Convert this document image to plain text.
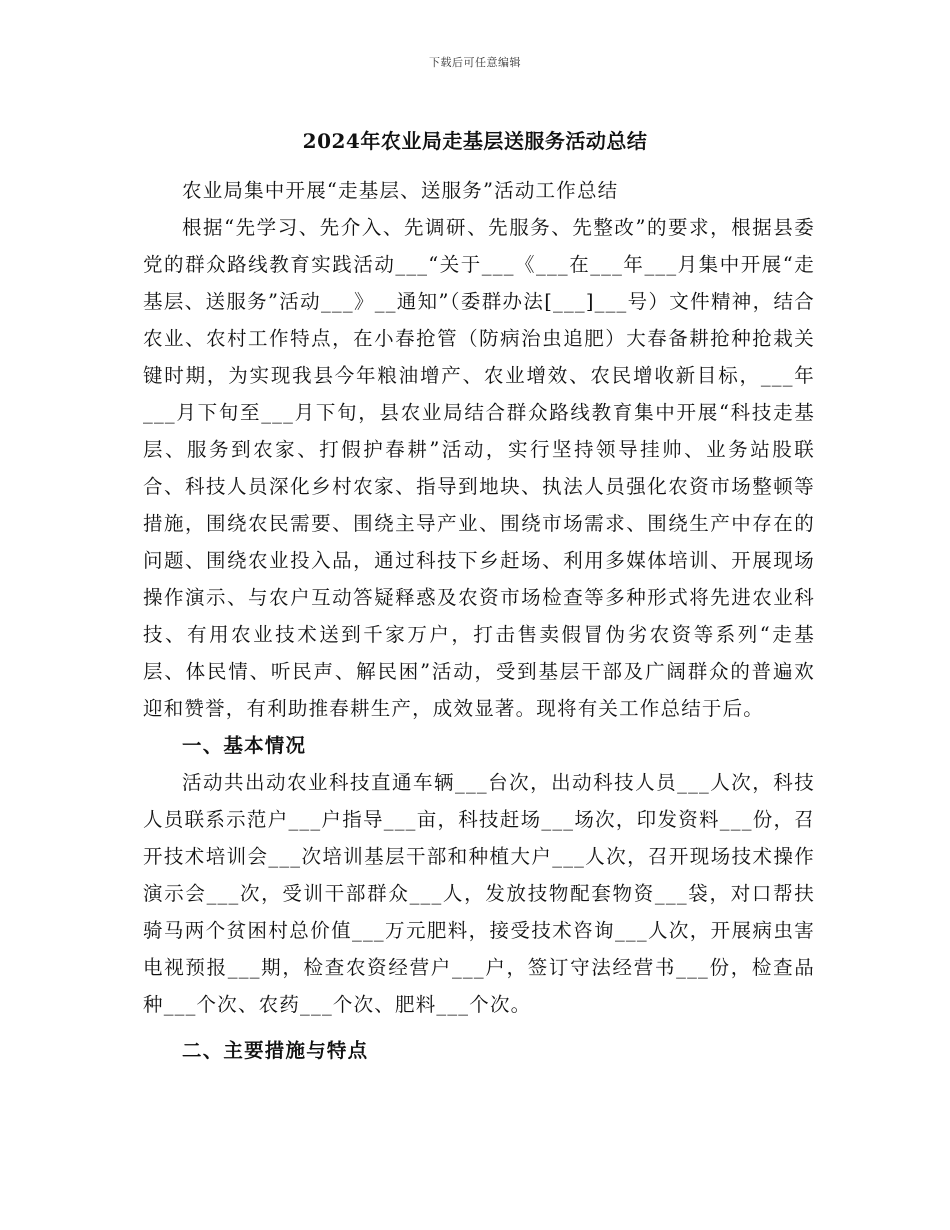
下载后可任意编辑
2024年农业局走基层送服务活动总结

农业局集中开展“走基层、送服务”活动工作总结

根据“先学习、先介入、先调研、先服务、先整改”的要求，根据县委党的群众路线教育实践活动___“关于___《___在___年___月集中开展“走基层、送服务”活动___》__通知”（委群办法[___]___号）文件精神，结合农业、农村工作特点，在小春抢管（防病治虫追肥）大春备耕抢种抢栽关键时期，为实现我县今年粮油增产、农业增效、农民增收新目标，___年___月下旬至___月下旬，县农业局结合群众路线教育集中开展“科技走基层、服务到农家、打假护春耕”活动，实行坚持领导挂帅、业务站股联合、科技人员深化乡村农家、指导到地块、执法人员强化农资市场整顿等措施，围绕农民需要、围绕主导产业、围绕市场需求、围绕生产中存在的问题、围绕农业投入品，通过科技下乡赶场、利用多媒体培训、开展现场操作演示、与农户互动答疑释惑及农资市场检查等多种形式将先进农业科技、有用农业技术送到千家万户，打击售卖假冒伪劣农资等系列“走基层、体民情、听民声、解民困”活动，受到基层干部及广阔群众的普遍欢迎和赞誉，有利助推春耕生产，成效显著。现将有关工作总结于后。

一、基本情况

活动共出动农业科技直通车辆___台次，出动科技人员___人次，科技人员联系示范户___户指导___亩，科技赶场___场次，印发资料___份，召开技术培训会___次培训基层干部和种植大户___人次，召开现场技术操作演示会___次，受训干部群众___人，发放技物配套物资___袋，对口帮扶骑马两个贫困村总价值___万元肥料，接受技术咨询___人次，开展病虫害电视预报___期，检查农资经营户___户，签订守法经营书___份，检查品种___个次、农药___个次、肥料___个次。

二、主要措施与特点
